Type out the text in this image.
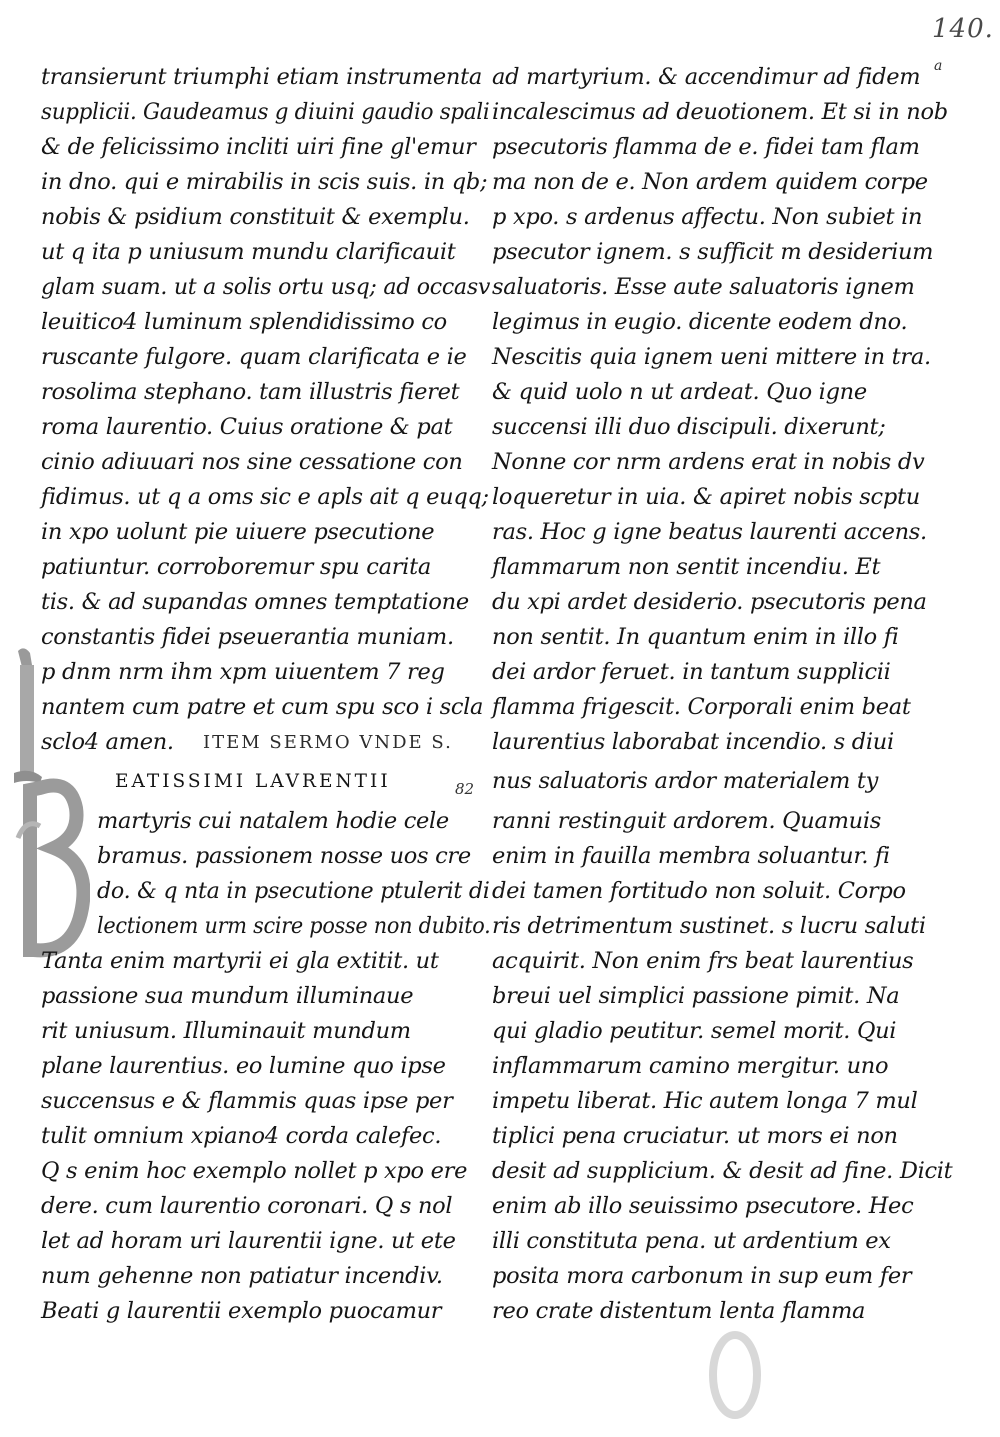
140.
a
82
transierunt triumphi etiam instrumenta
supplicii. Gaudeamus g diuini gaudio spali
& de felicissimo incliti uiri fine gl'emur
in dno. qui e mirabilis in scis suis. in qb;
nobis & psidium constituit & exemplu.
ut q ita p uniusum mundu clarificauit
glam suam. ut a solis ortu usq; ad occasv
leuitico4 luminum splendidissimo co
ruscante fulgore. quam clarificata e ie
rosolima stephano. tam illustris fieret
roma laurentio. Cuius oratione & pat
cinio adiuuari nos sine cessatione con
fidimus. ut q a oms sic e apls ait q euqq;
in xpo uolunt pie uiuere psecutione
patiuntur. corroboremur spu carita
tis. & ad supandas omnes temptatione
constantis fidei pseuerantia muniam.
p dnm nrm ihm xpm uiuentem 7 reg
nantem cum patre et cum spu sco i scla
sclo4 amen. ITEM SERMO VNDE S.
EATISSIMI LAVRENTII
martyris cui natalem hodie cele
bramus. passionem nosse uos cre
do. & q nta in psecutione ptulerit di
lectionem urm scire posse non dubito.
Tanta enim martyrii ei gla extitit. ut
passione sua mundum illuminaue
rit uniusum. Illuminauit mundum
plane laurentius. eo lumine quo ipse
succensus e & flammis quas ipse per
tulit omnium xpiano4 corda calefec.
Q s enim hoc exemplo nollet p xpo ere
dere. cum laurentio coronari. Q s nol
let ad horam uri laurentii igne. ut ete
num gehenne non patiatur incendiv.
Beati g laurentii exemplo puocamur
ad martyrium. & accendimur ad fidem
incalescimus ad deuotionem. Et si in nob
psecutoris flamma de e. fidei tam flam
ma non de e. Non ardem quidem corpe
p xpo. s ardenus affectu. Non subiet in
psecutor ignem. s sufficit m desiderium
saluatoris. Esse aute saluatoris ignem
legimus in eugio. dicente eodem dno.
Nescitis quia ignem ueni mittere in tra.
& quid uolo n ut ardeat. Quo igne
succensi illi duo discipuli. dixerunt;
Nonne cor nrm ardens erat in nobis dv
loqueretur in uia. & apiret nobis scptu
ras. Hoc g igne beatus laurenti accens.
flammarum non sentit incendiu. Et
du xpi ardet desiderio. psecutoris pena
non sentit. In quantum enim in illo fi
dei ardor feruet. in tantum supplicii
flamma frigescit. Corporali enim beat
laurentius laborabat incendio. s diui
nus saluatoris ardor materialem ty
ranni restinguit ardorem. Quamuis
enim in fauilla membra soluantur. fi
dei tamen fortitudo non soluit. Corpo
ris detrimentum sustinet. s lucru saluti
acquirit. Non enim frs beat laurentius
breui uel simplici passione pimit. Na
qui gladio peutitur. semel morit. Qui
inflammarum camino mergitur. uno
impetu liberat. Hic autem longa 7 mul
tiplici pena cruciatur. ut mors ei non
desit ad supplicium. & desit ad fine. Dicit
enim ab illo seuissimo psecutore. Hec
illi constituta pena. ut ardentium ex
posita mora carbonum in sup eum fer
reo crate distentum lenta flamma
